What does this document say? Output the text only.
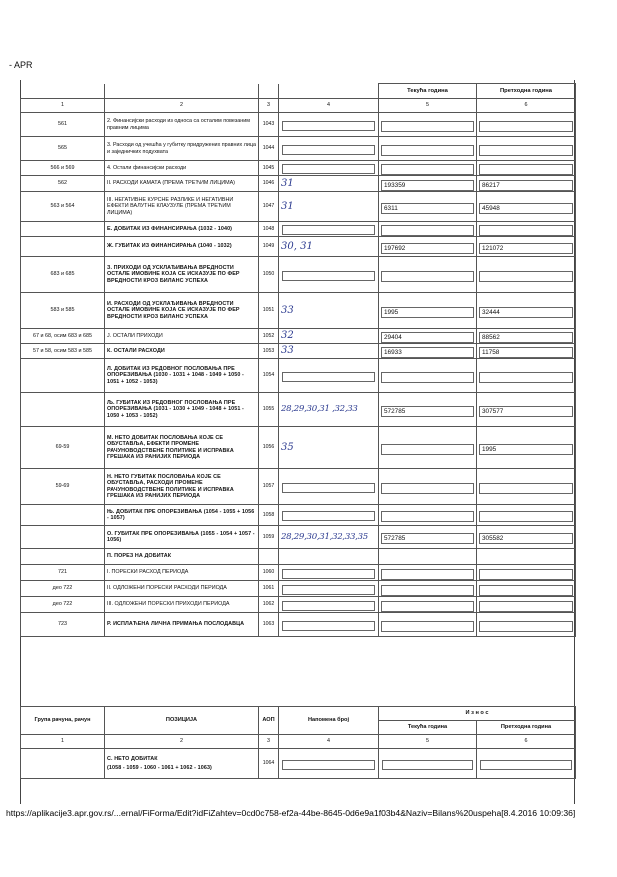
- APR
				Текућа година	Претходна година
1	2	3	4	5	6
561	2. Финансијски расходи из односа са осталим повезаним правним лицима	1043	

565	3. Расходи од учешћа у губитку придружених правних лица и заједничких подухвата	1044	

566 и 569	4. Остали финансијски расходи	1045	

562	II. РАСХОДИ КАМАТА (ПРЕМА ТРЕЋИМ ЛИЦИМА)	1046	31	193359	86217

563 и 564	III. НЕГАТИВНЕ КУРСНЕ РАЗЛИКЕ И НЕГАТИВНИ ЕФЕКТИ ВАЛУТНЕ КЛАУЗУЛЕ (ПРЕМА ТРЕЋИМ ЛИЦИМА)	1047	31	6311	45948

	Е. ДОБИТАК ИЗ ФИНАНСИРАЊА (1032 - 1040)	1048	

	Ж. ГУБИТАК ИЗ ФИНАНСИРАЊА (1040 - 1032)	1049	30, 31	197692	121072

683 и 685	З. ПРИХОДИ ОД УСКЛАЂИВАЊА ВРЕДНОСТИ ОСТАЛЕ ИМОВИНЕ КОЈА СЕ ИСКАЗУЈЕ ПО ФЕР ВРЕДНОСТИ КРОЗ БИЛАНС УСПЕХА	1050	

583 и 585	И. РАСХОДИ ОД УСКЛАЂИВАЊА ВРЕДНОСТИ ОСТАЛЕ ИМОВИНЕ КОЈА СЕ ИСКАЗУЈЕ ПО ФЕР ВРЕДНОСТИ КРОЗ БИЛАНС УСПЕХА	1051	33	1995	32444

67 и 68, осим 683 и 685	Ј. ОСТАЛИ ПРИХОДИ	1052	32	29404	88562

57 и 58, осим 583 и 585	К. ОСТАЛИ РАСХОДИ	1053	33	16933	11758

	Л. ДОБИТАК ИЗ РЕДОВНОГ ПОСЛОВАЊА ПРЕ ОПОРЕЗИВАЊА (1030 - 1031 + 1048 - 1049 + 1050 - 1051 + 1052 - 1053)	1054	

	Љ. ГУБИТАК ИЗ РЕДОВНОГ ПОСЛОВАЊА ПРЕ ОПОРЕЗИВАЊА (1031 - 1030 + 1049 - 1048 + 1051 - 1050 + 1053 - 1052)	1055	28,29,30,31 ,32,33	572785	307577

69-59	М. НЕТО ДОБИТАК ПОСЛОВАЊА КОЈЕ СЕ ОБУСТАВЉА, ЕФЕКТИ ПРОМЕНЕ РАЧУНОВОДСТВЕНЕ ПОЛИТИКЕ И ИСПРАВКА ГРЕШАКА ИЗ РАНИЈИХ ПЕРИОДА	1056	35		1995

59-69	Н. НЕТО ГУБИТАК ПОСЛОВАЊА КОЈЕ СЕ ОБУСТАВЉА, РАСХОДИ ПРОМЕНЕ РАЧУНОВОДСТВЕНЕ ПОЛИТИКЕ И ИСПРАВКА ГРЕШАКА ИЗ РАНИЈИХ ПЕРИОДА	1057	

	Њ. ДОБИТАК ПРЕ ОПОРЕЗИВАЊА (1054 - 1055 + 1056 - 1057)	1058	

	О. ГУБИТАК ПРЕ ОПОРЕЗИВАЊА (1055 - 1054 + 1057 - 1056)	1059	28,29,30,31,32,33,35	572785	305582

	П. ПОРЕЗ НА ДОБИТАК				
721	I. ПОРЕСКИ РАСХОД ПЕРИОДА	1060	

део 722	II. ОДЛОЖЕНИ ПОРЕСКИ РАСХОДИ ПЕРИОДА	1061	

део 722	III. ОДЛОЖЕНИ ПОРЕСКИ ПРИХОДИ ПЕРИОДА	1062	

723	Р. ИСПЛАЋЕНА ЛИЧНА ПРИМАЊА ПОСЛОДАВЦА	1063	

Група рачуна, рачун	ПОЗИЦИЈА	АОП	Напомена број	И з н о с	
				Текућа година	Претходна година
1	2	3	4	5	6

	С. НЕТО ДОБИТАК
(1058 - 1059 - 1060 - 1061 + 1062 - 1063)	1064	

https://aplikacije3.apr.gov.rs/...ernal/FiForma/Edit?idFiZahtev=0cd0c758-ef2a-44be-8645-0d6e9a1f03b4&Naziv=Bilans%20uspeha[8.4.2016 10:09:36]
